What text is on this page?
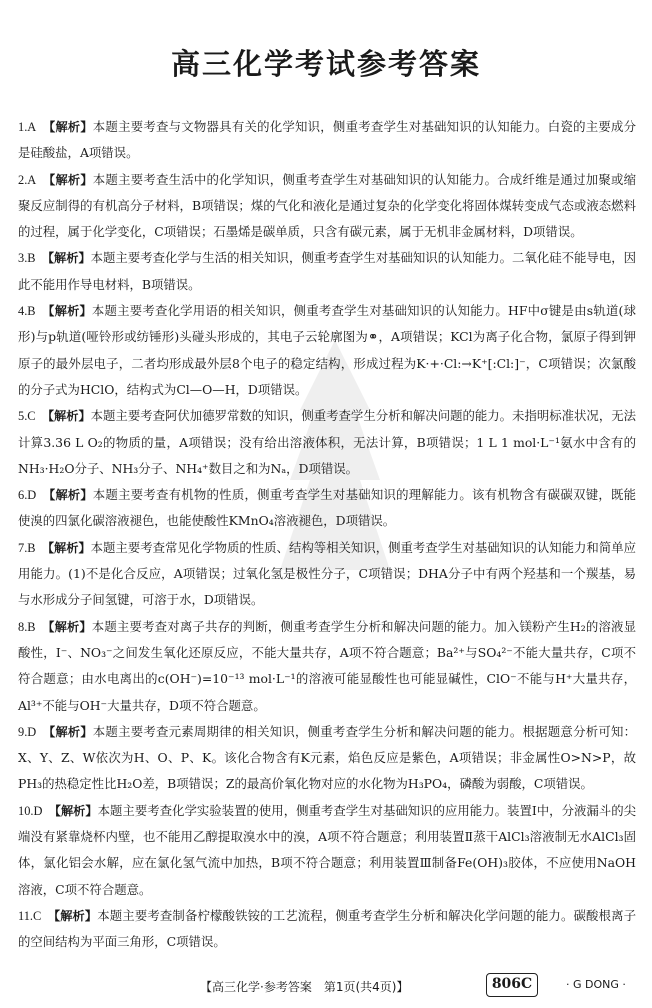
高三化学考试参考答案

1.A　 【解析】本题主要考查与文物器具有关的化学知识，侧重考查学生对基础知识的认知能力。白瓷的主要成分是硅酸盐，A项错误。

2.A　 【解析】本题主要考查生活中的化学知识，侧重考查学生对基础知识的认知能力。合成纤维是通过加聚或缩聚反应制得的有机高分子材料，B项错误；煤的气化和液化是通过复杂的化学变化将固体煤转变成气态或液态燃料的过程，属于化学变化，C项错误；石墨烯是碳单质，只含有碳元素，属于无机非金属材料，D项错误。

3.B　 【解析】本题主要考查化学与生活的相关知识，侧重考查学生对基础知识的认知能力。二氧化硅不能导电，因此不能用作导电材料，B项错误。

4.B　 【解析】本题主要考查化学用语的相关知识，侧重考查学生对基础知识的认知能力。HF中σ键是由s轨道(球形)与p轨道(哑铃形或纺锤形)头碰头形成的，其电子云轮廓图为⚭，A项错误；KCl为离子化合物，氯原子得到钾原子的最外层电子，二者均形成最外层8个电子的稳定结构，形成过程为K·+·Cl:→K⁺[:Cl:]⁻，C项错误；次氯酸的分子式为HClO，结构式为Cl—O—H，D项错误。

5.C　 【解析】本题主要考查阿伏加德罗常数的知识，侧重考查学生分析和解决问题的能力。未指明标准状况，无法计算3.36 L O₂的物质的量，A项错误；没有给出溶液体积，无法计算，B项错误；1 L 1 mol·L⁻¹氨水中含有的NH₃·H₂O分子、NH₃分子、NH₄⁺数目之和为Nₐ，D项错误。

6.D　 【解析】本题主要考查有机物的性质，侧重考查学生对基础知识的理解能力。该有机物含有碳碳双键，既能使溴的四氯化碳溶液褪色，也能使酸性KMnO₄溶液褪色，D项错误。

7.B　 【解析】本题主要考查常见化学物质的性质、结构等相关知识，侧重考查学生对基础知识的认知能力和简单应用能力。(1)不是化合反应，A项错误；过氧化氢是极性分子，C项错误；DHA分子中有两个羟基和一个羰基，易与水形成分子间氢键，可溶于水，D项错误。

8.B　 【解析】本题主要考查对离子共存的判断，侧重考查学生分析和解决问题的能力。加入镁粉产生H₂的溶液显酸性，I⁻、NO₃⁻之间发生氧化还原反应，不能大量共存，A项不符合题意；Ba²⁺与SO₄²⁻不能大量共存，C项不符合题意；由水电离出的c(OH⁻)=10⁻¹³ mol·L⁻¹的溶液可能显酸性也可能显碱性，ClO⁻不能与H⁺大量共存，Al³⁺不能与OH⁻大量共存，D项不符合题意。

9.D　 【解析】本题主要考查元素周期律的相关知识，侧重考查学生分析和解决问题的能力。根据题意分析可知：X、Y、Z、W依次为H、O、P、K。该化合物含有K元素，焰色反应是紫色，A项错误；非金属性O>N>P，故PH₃的热稳定性比H₂O差，B项错误；Z的最高价氧化物对应的水化物为H₃PO₄，磷酸为弱酸，C项错误。

10.D　 【解析】本题主要考查化学实验装置的使用，侧重考查学生对基础知识的应用能力。装置Ⅰ中，分液漏斗的尖端没有紧靠烧杯内壁，也不能用乙醇提取溴水中的溴，A项不符合题意；利用装置Ⅱ蒸干AlCl₃溶液制无水AlCl₃固体，氯化铝会水解，应在氯化氢气流中加热，B项不符合题意；利用装置Ⅲ制备Fe(OH)₃胶体，不应使用NaOH溶液，C项不符合题意。

11.C　 【解析】本题主要考查制备柠檬酸铁铵的工艺流程，侧重考查学生分析和解决化学问题的能力。碳酸根离子的空间结构为平面三角形，C项错误。

【高三化学·参考答案　第1页(共4页)】	806C	· G DONG ·
